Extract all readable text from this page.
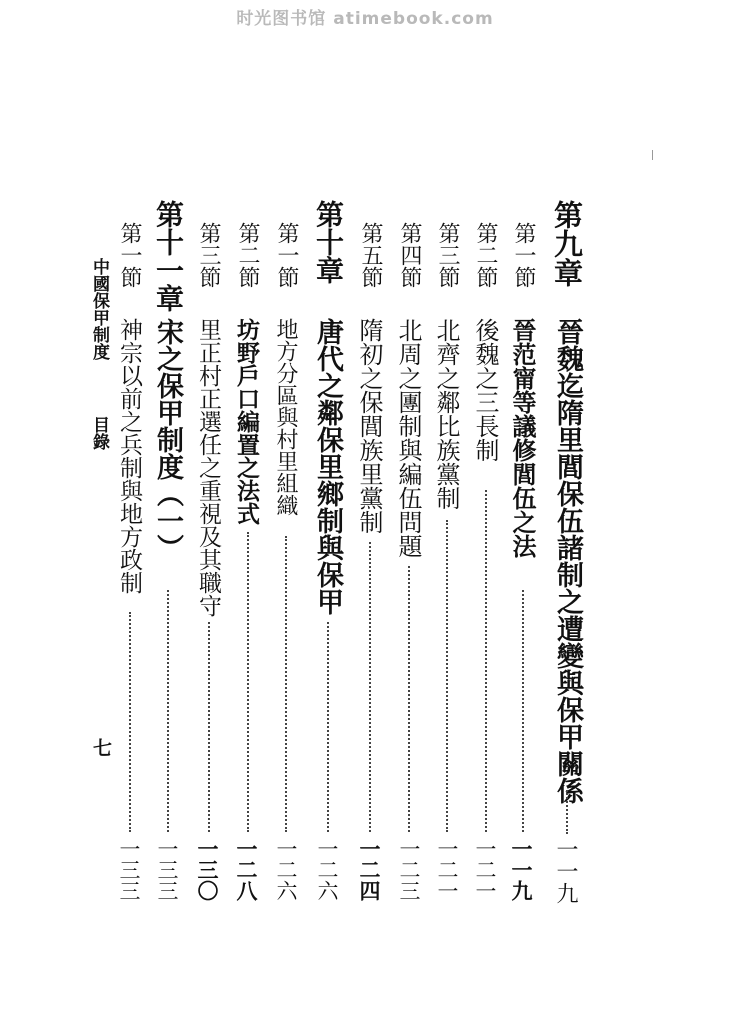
时光图书馆 atimebook.com
第九章
晉魏迄隋里閭保伍諸制之遭變與保甲關係
一一九
第一節
晉范甯等議修閭伍之法
一一九
第二節
後魏之三長制
一二一
第三節
北齊之鄰比族黨制
一二一
第四節
北周之團制與編伍問題
一二三
第五節
隋初之保閭族里黨制
一二四
第十章
唐代之鄰保里鄉制與保甲
一二六
第一節
地方分區與村里組織
一二六
第二節
坊野戶口編置之法式
一二八
第三節
里正村正選任之重視及其職守
一三〇
第十一章
宋之保甲制度（一）
一三三
第一節
神宗以前之兵制與地方政制
一三三
中國保甲制度目錄
七
